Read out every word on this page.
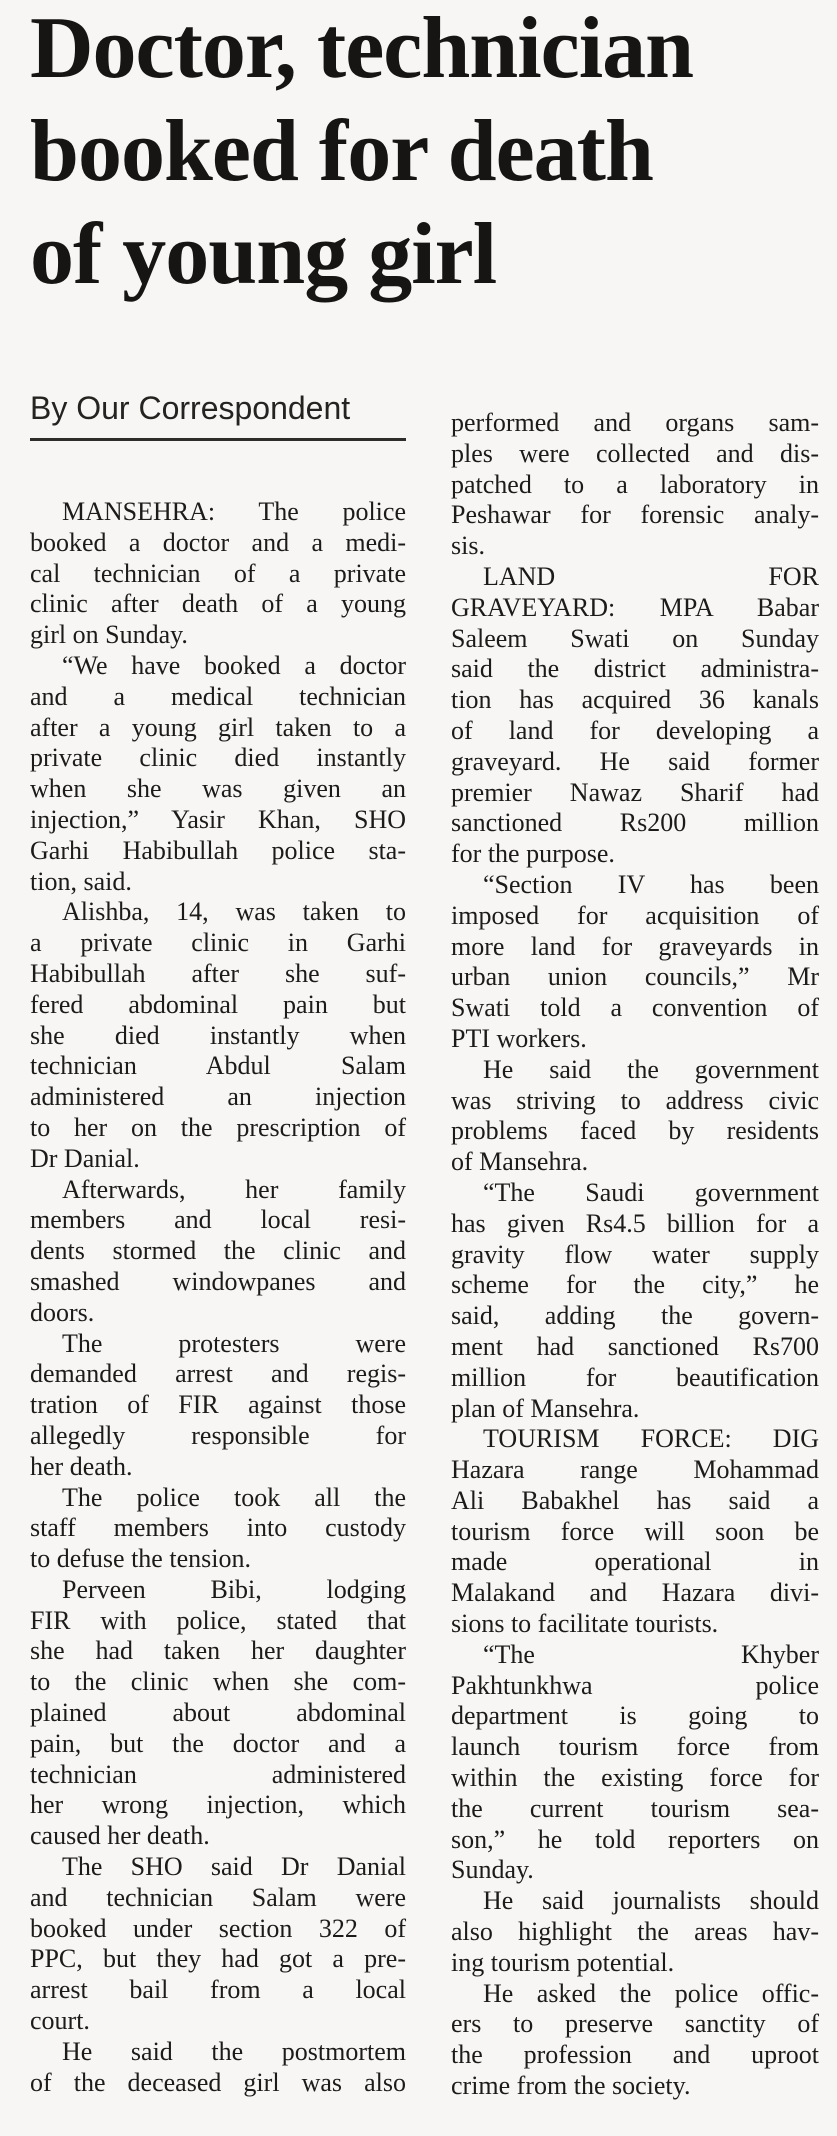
Doctor, technician
booked for death
of young girl
By Our Correspondent
MANSEHRA: The police
booked a doctor and a medi-
cal technician of a private
clinic after death of a young
girl on Sunday.
“We have booked a doctor
and a medical technician
after a young girl taken to a
private clinic died instantly
when she was given an
injection,” Yasir Khan, SHO
Garhi Habibullah police sta-
tion, said.
Alishba, 14, was taken to
a private clinic in Garhi
Habibullah after she suf-
fered abdominal pain but
she died instantly when
technician Abdul Salam
administered an injection
to her on the prescription of
Dr Danial.
Afterwards, her family
members and local resi-
dents stormed the clinic and
smashed windowpanes and
doors.
The protesters were
demanded arrest and regis-
tration of FIR against those
allegedly responsible for
her death.
The police took all the
staff members into custody
to defuse the tension.
Perveen Bibi, lodging
FIR with police, stated that
she had taken her daughter
to the clinic when she com-
plained about abdominal
pain, but the doctor and a
technician administered
her wrong injection, which
caused her death.
The SHO said Dr Danial
and technician Salam were
booked under section 322 of
PPC, but they had got a pre-
arrest bail from a local
court.
He said the postmortem
of the deceased girl was also
performed and organs sam-
ples were collected and dis-
patched to a laboratory in
Peshawar for forensic analy-
sis.
LAND FOR
GRAVEYARD: MPA Babar
Saleem Swati on Sunday
said the district administra-
tion has acquired 36 kanals
of land for developing a
graveyard. He said former
premier Nawaz Sharif had
sanctioned Rs200 million
for the purpose.
“Section IV has been
imposed for acquisition of
more land for graveyards in
urban union councils,” Mr
Swati told a convention of
PTI workers.
He said the government
was striving to address civic
problems faced by residents
of Mansehra.
“The Saudi government
has given Rs4.5 billion for a
gravity flow water supply
scheme for the city,” he
said, adding the govern-
ment had sanctioned Rs700
million for beautification
plan of Mansehra.
TOURISM FORCE: DIG
Hazara range Mohammad
Ali Babakhel has said a
tourism force will soon be
made operational in
Malakand and Hazara divi-
sions to facilitate tourists.
“The Khyber
Pakhtunkhwa police
department is going to
launch tourism force from
within the existing force for
the current tourism sea-
son,” he told reporters on
Sunday.
He said journalists should
also highlight the areas hav-
ing tourism potential.
He asked the police offic-
ers to preserve sanctity of
the profession and uproot
crime from the society.
